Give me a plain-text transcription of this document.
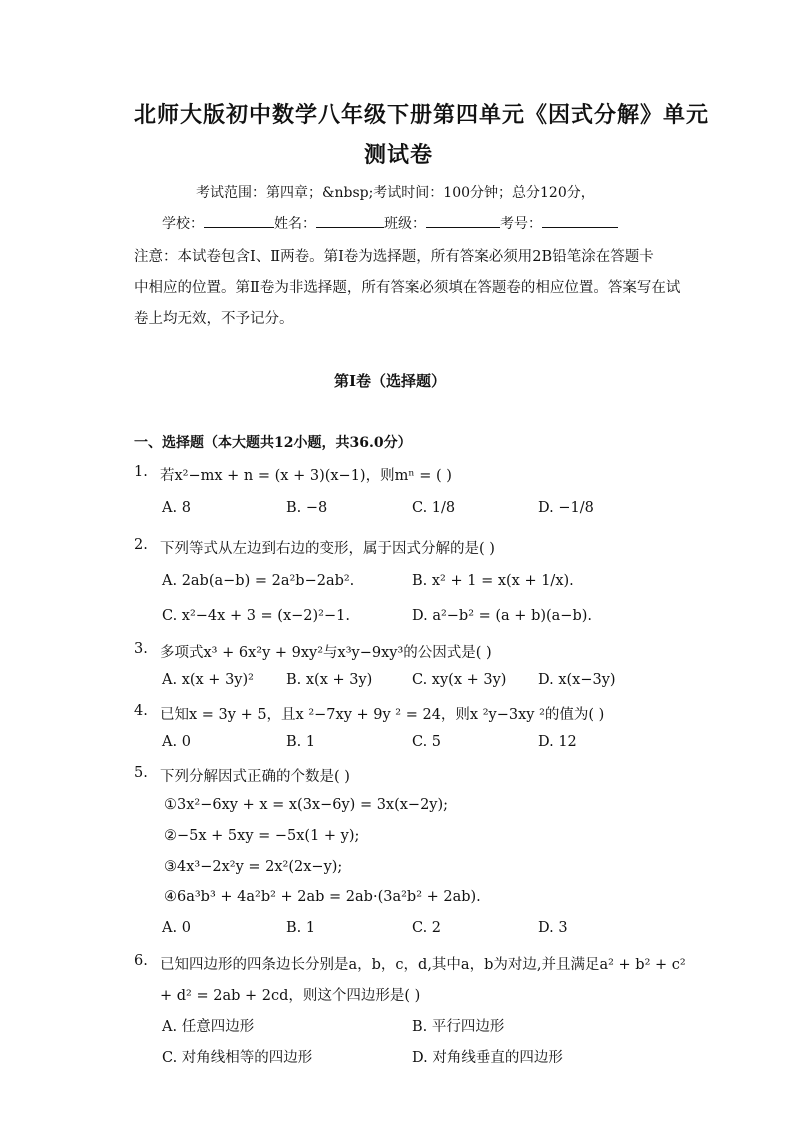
北师大版初中数学八年级下册第四单元《因式分解》单元
测试卷
考试范围：第四章；&nbsp;考试时间：100分钟；总分120分，
学校：	姓名：	班级：	考号：
注意：本试卷包含Ⅰ、Ⅱ两卷。第Ⅰ卷为选择题，所有答案必须用2B铅笔涂在答题卡
中相应的位置。第Ⅱ卷为非选择题，所有答案必须填在答题卷的相应位置。答案写在试
卷上均无效，不予记分。
第Ⅰ卷（选择题）
一、选择题（本大题共12小题，共36.0分）
1. 若x²−mx + n = (x + 3)(x−1)，则mⁿ = ( )
A. 8	B. −8	C. 1/8	D. −1/8
2. 下列等式从左边到右边的变形，属于因式分解的是( )
A. 2ab(a−b) = 2a²b−2ab².	B. x² + 1 = x(x + 1/x).
C. x²−4x + 3 = (x−2)²−1.	D. a²−b² = (a + b)(a−b).
3. 多项式x³ + 6x²y + 9xy²与x³y−9xy³的公因式是( )
A. x(x + 3y)² B. x(x + 3y)	C. xy(x + 3y) D. x(x−3y)
4. 已知x = 3y + 5，且x ²−7xy + 9y ² = 24，则x ²y−3xy ²的值为( )
A. 0	B. 1	C. 5	D. 12
5. 下列分解因式正确的个数是( )
①3x²−6xy + x = x(3x−6y) = 3x(x−2y);
②−5x + 5xy = −5x(1 + y);
③4x³−2x²y = 2x²(2x−y);
④6a³b³ + 4a²b² + 2ab = 2ab·(3a²b² + 2ab).
A. 0	B. 1	C. 2	D. 3
6. 已知四边形的四条边长分别是a，b，c，d,其中a，b为对边,并且满足a² + b² + c²
+ d² = 2ab + 2cd，则这个四边形是( )
A. 任意四边形	B. 平行四边形
C. 对角线相等的四边形	D. 对角线垂直的四边形
